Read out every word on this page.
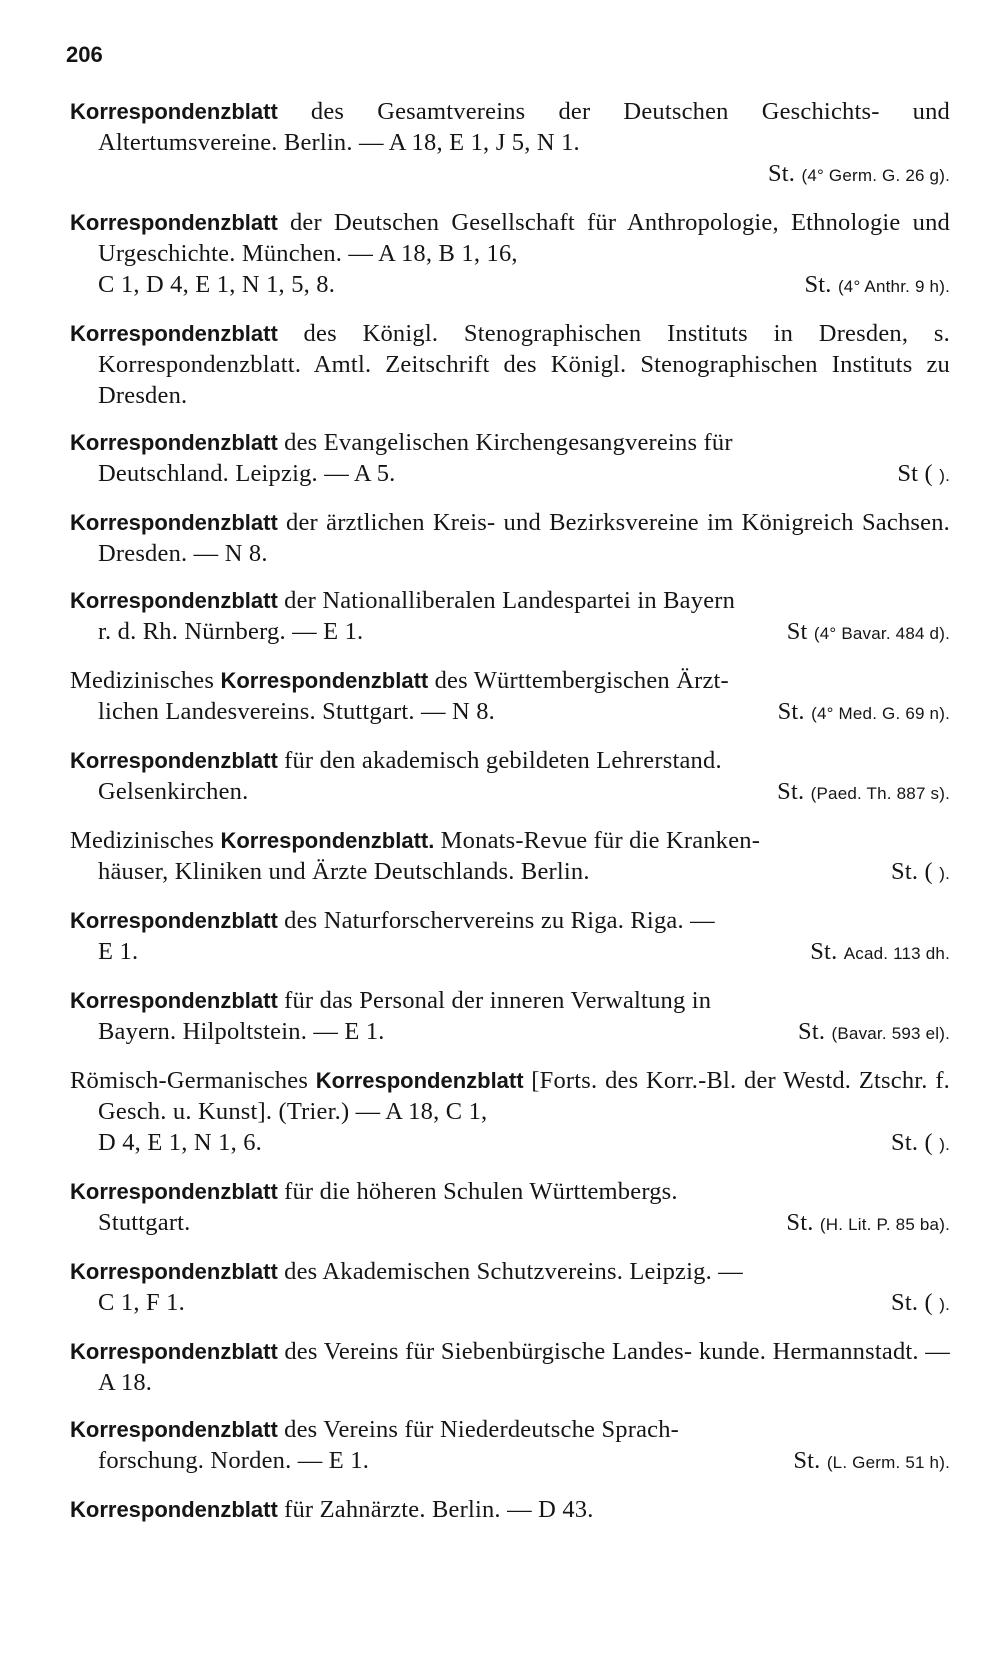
206
Korrespondenzblatt des Gesamtvereins der Deutschen Geschichts- und Altertumsvereine. Berlin. — A 18, E 1, J 5, N 1.
St. (4° Germ. G. 26 g).
Korrespondenzblatt der Deutschen Gesellschaft für Anthropologie, Ethnologie und Urgeschichte. München. — A 18, B 1, 16,
C 1, D 4, E 1, N 1, 5, 8.	St. (4° Anthr. 9 h).
Korrespondenzblatt des Königl. Stenographischen Instituts in Dresden, s. Korrespondenzblatt. Amtl. Zeitschrift des Königl. Stenographischen Instituts zu Dresden.
Korrespondenzblatt des Evangelischen Kirchengesangvereins für
Deutschland. Leipzig. — A 5.	St ( ).
Korrespondenzblatt der ärztlichen Kreis- und Bezirksvereine im Königreich Sachsen. Dresden. — N 8.
Korrespondenzblatt der Nationalliberalen Landespartei in Bayern
r. d. Rh. Nürnberg. — E 1.	St (4° Bavar. 484 d).
Medizinisches Korrespondenzblatt des Württembergischen Ärzt-
lichen Landesvereins. Stuttgart. — N 8.	St. (4° Med. G. 69 n).
Korrespondenzblatt für den akademisch gebildeten Lehrerstand.
Gelsenkirchen.	St. (Paed. Th. 887 s).
Medizinisches Korrespondenzblatt. Monats-Revue für die Kranken-
häuser, Kliniken und Ärzte Deutschlands. Berlin.	St. ( ).
Korrespondenzblatt des Naturforschervereins zu Riga. Riga. —
E 1.	St. Acad. 113 dh.
Korrespondenzblatt für das Personal der inneren Verwaltung in
Bayern. Hilpoltstein. — E 1.	St. (Bavar. 593 el).
Römisch-Germanisches Korrespondenzblatt [Forts. des Korr.-Bl. der Westd. Ztschr. f. Gesch. u. Kunst]. (Trier.) — A 18, C 1,
D 4, E 1, N 1, 6.	St. ( ).
Korrespondenzblatt für die höheren Schulen Württembergs.
Stuttgart.	St. (H. Lit. P. 85 ba).
Korrespondenzblatt des Akademischen Schutzvereins. Leipzig. —
C 1, F 1.	St. ( ).
Korrespondenzblatt des Vereins für Siebenbürgische Landes- kunde. Hermannstadt. — A 18.
Korrespondenzblatt des Vereins für Niederdeutsche Sprach-
forschung. Norden. — E 1.	St. (L. Germ. 51 h).
Korrespondenzblatt für Zahnärzte. Berlin. — D 43.
